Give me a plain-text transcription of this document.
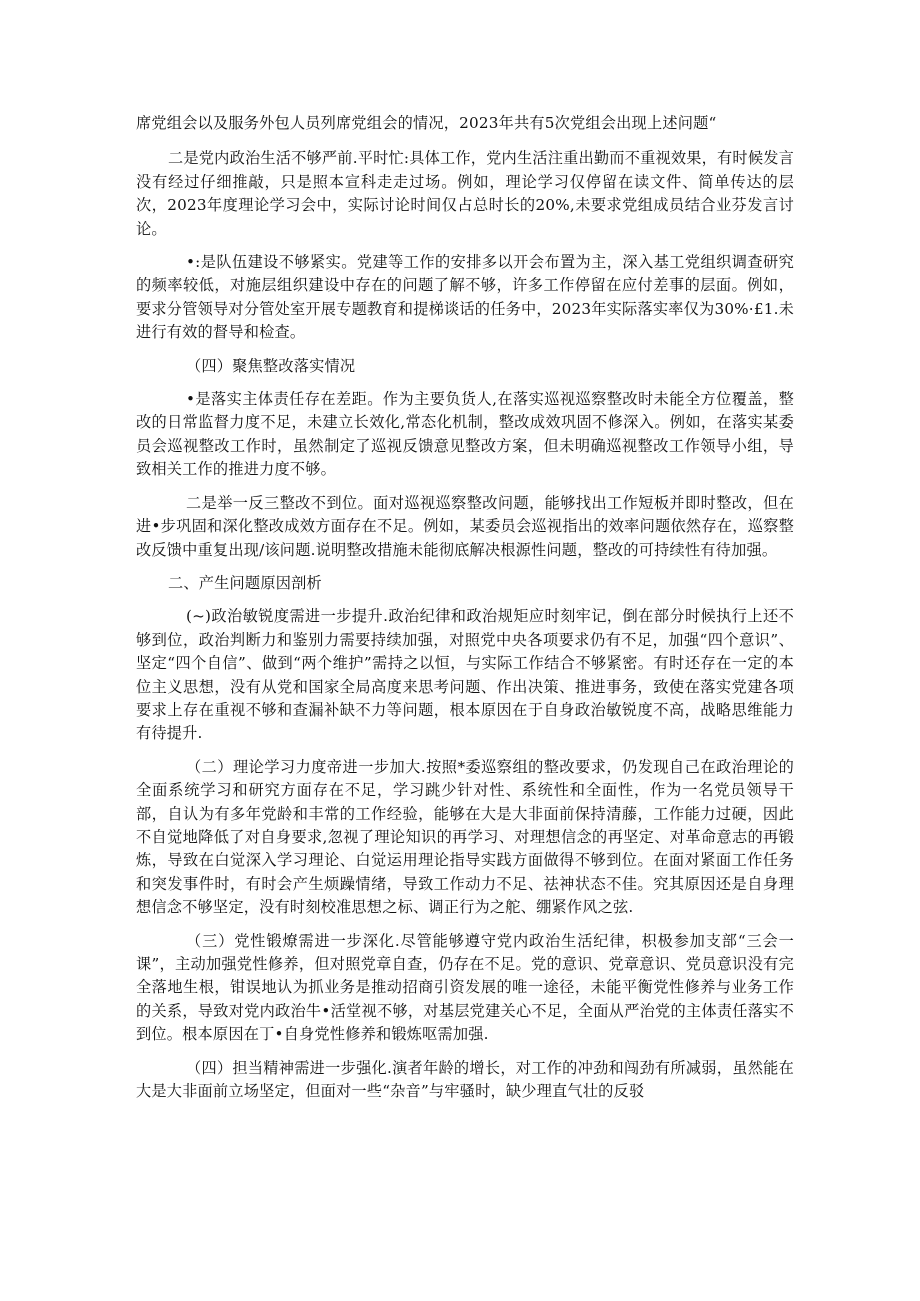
席党组会以及服务外包人员列席党组会的情况，2023年共有5次党组会出现上述问题“

二是党内政治生活不够严前.平时忙:具体工作，党内生活注重出勤而不重视效果，有时候发言没有经过仔细推敲，只是照本宣科走走过场。例如，理论学习仅停留在读文件、简单传达的层次，2023年度理论学习会中，实际讨论时间仅占总时长的20%,未要求党组成员结合业芬发言讨论。

•:是队伍建设不够紧实。党建等工作的安排多以开会布置为主，深入基工党组织调查研究的频率较低，对施层组织建设中存在的问题了解不够，许多工作停留在应付差事的层面。例如，要求分管领导对分管处室开展专题教育和提梯谈话的任务中，2023年实际落实率仅为30%·£1.未进行有效的督导和检查。

（四）聚焦整改落实情况

•是落实主体责任存在差距。作为主要负货人,在落实巡视巡察整改时未能全方位覆盖，整改的日常监督力度不足，未建立长效化,常态化机制，整改成效巩固不修深入。例如，在落实某委员会巡视整改工作时，虽然制定了巡视反馈意见整改方案，但未明确巡视整改工作领导小组，导致相关工作的推进力度不够。

二是举一反三整改不到位。面对巡视巡察整改问题，能够找出工作短板并即时整改，但在进•步巩固和深化整改成效方面存在不足。例如，某委员会巡视指出的效率问题依然存在，巡察整改反馈中重复出现/该问题.说明整改措施未能彻底解决根源性问题，整改的可持续性有待加强。

二、产生问题原因剖析

(~)政治敏锐度需进一步提升.政治纪律和政治规矩应时刻牢记，倒在部分时候执行上还不够到位，政治判断力和鉴别力需要持续加强，对照党中央各项要求仍有不足，加强“四个意识”、坚定“四个自信”、做到“两个维护”需持之以恒，与实际工作结合不够紧密。有时还存在一定的本位主义思想，没有从党和国家全局高度来思考问题、作出决策、推进事务，致使在落实党建各项要求上存在重视不够和查漏补缺不力等问题，根本原因在于自身政治敏锐度不高，战略思维能力有待提升.

（二）理论学习力度帝进一步加大.按照*委巡察组的整改要求，仍发现自己在政治理论的全面系统学习和研究方面存在不足，学习跳少针对性、系统性和全面性，作为一名党员领导干部，自认为有多年党龄和丰常的工作经验，能够在大是大非面前保持清藤，工作能力过硬，因此不自觉地降低了对自身要求,忽视了理论知识的再学习、对理想信念的再坚定、对革命意志的再锻炼，导致在白觉深入学习理论、白觉运用理论指导实践方面做得不够到位。在面对紧面工作任务和突发事件时，有时会产生烦躁情绪，导致工作动力不足、祛神状态不佳。究其原因还是自身理想信念不够坚定，没有时刻校准思想之标、调正行为之舵、绷紧作风之弦.

（三）党性锻燎需进一步深化.尽管能够遵守党内政治生活纪律，枳极参加支部“三会一课”，主动加强党性修养，但对照党章自查，仍存在不足。党的意识、党章意识、党员意识没有完全落地生根，钳误地认为抓业务是推动招商引资发展的唯一途径，未能平衡党性修养与业务工作的关系，导致对党内政治牛•活堂视不够，对基层党建关心不足，全面从严治党的主体责任落实不到位。根本原因在丁•自身党性修养和锻炼呕需加强.

（四）担当精神需进一步强化.演者年龄的增长，对工作的冲劲和闯劲有所减弱，虽然能在大是大非面前立场坚定，但面对一些“杂音”与牢骚时，缺少理直气壮的反驳
